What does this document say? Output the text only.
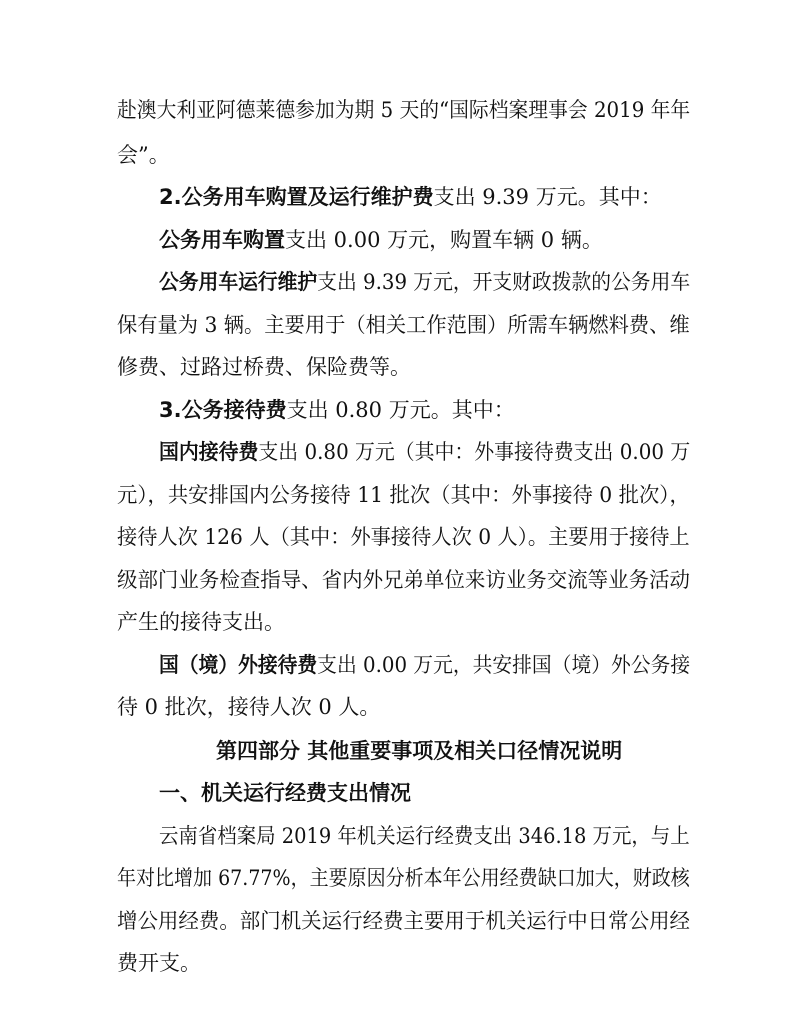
赴澳大利亚阿德莱德参加为期 5 天的“国际档案理事会 2019 年年
会”。
2.公务用车购置及运行维护费支出 9.39 万元。其中：
公务用车购置支出 0.00 万元，购置车辆 0 辆。
公务用车运行维护支出 9.39 万元，开支财政拨款的公务用车
保有量为 3 辆。主要用于（相关工作范围）所需车辆燃料费、维
修费、过路过桥费、保险费等。
3.公务接待费支出 0.80 万元。其中：
国内接待费支出 0.80 万元（其中：外事接待费支出 0.00 万
元），共安排国内公务接待 11 批次（其中：外事接待 0 批次），
接待人次 126 人（其中：外事接待人次 0 人）。主要用于接待上
级部门业务检查指导、省内外兄弟单位来访业务交流等业务活动
产生的接待支出。
国（境）外接待费支出 0.00 万元，共安排国（境）外公务接
待 0 批次，接待人次 0 人。
第四部分 其他重要事项及相关口径情况说明
一、机关运行经费支出情况
云南省档案局 2019 年机关运行经费支出 346.18 万元，与上
年对比增加 67.77%，主要原因分析本年公用经费缺口加大，财政核
增公用经费。部门机关运行经费主要用于机关运行中日常公用经
费开支。
